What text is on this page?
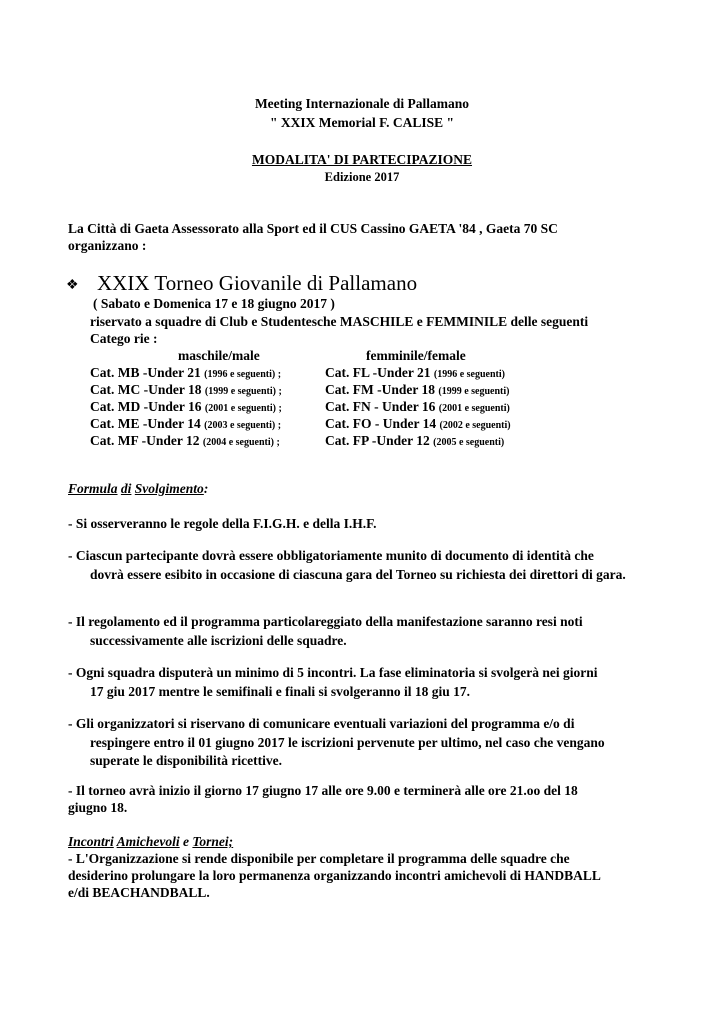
Meeting Internazionale di Pallamano
" XXIX Memorial F. CALISE "
MODALITA' DI PARTECIPAZIONE
Edizione 2017
La Città di Gaeta Assessorato alla Sport ed il CUS Cassino GAETA '84 , Gaeta 70 SC
organizzano :
❖ XXIX Torneo Giovanile di Pallamano
( Sabato e Domenica 17 e 18 giugno 2017 )
riservato a squadre di Club e Studentesche MASCHILE e FEMMINILE delle seguenti
Catego rie :
maschile/male	femminile/female
Cat. MB -Under 21 (1996 e seguenti) ;	Cat. FL -Under 21 (1996 e seguenti)
Cat. MC -Under 18 (1999 e seguenti) ;	Cat. FM -Under 18 (1999 e seguenti)
Cat. MD -Under 16 (2001 e seguenti) ;	Cat. FN - Under 16 (2001 e seguenti)
Cat. ME -Under 14 (2003 e seguenti) ;	Cat. FO - Under 14 (2002 e seguenti)
Cat. MF -Under 12 (2004 e seguenti) ;	Cat. FP -Under 12 (2005 e seguenti)
Formula di Svolgimento:
- Si osserveranno le regole della F.I.G.H. e della I.H.F.
- Ciascun partecipante dovrà essere obbligatoriamente munito di documento di identità che
dovrà essere esibito in occasione di ciascuna gara del Torneo su richiesta dei direttori di gara.
- Il regolamento ed il programma particolareggiato della manifestazione saranno resi noti
successivamente alle iscrizioni delle squadre.
- Ogni squadra disputerà un minimo di 5 incontri. La fase eliminatoria si svolgerà nei giorni
17 giu 2017 mentre le semifinali e finali si svolgeranno il 18 giu 17.
- Gli organizzatori si riservano di comunicare eventuali variazioni del programma e/o di
respingere entro il 01 giugno 2017 le iscrizioni pervenute per ultimo, nel caso che vengano superate le disponibilità ricettive.
- Il torneo avrà inizio il giorno 17 giugno 17 alle ore 9.00 e terminerà alle ore 21.oo del 18
giugno 18.
Incontri Amichevoli e Tornei;
- L'Organizzazione si rende disponibile per completare il programma delle squadre che
desiderino prolungare la loro permanenza organizzando incontri amichevoli di HANDBALL
e/di BEACHANDBALL.
